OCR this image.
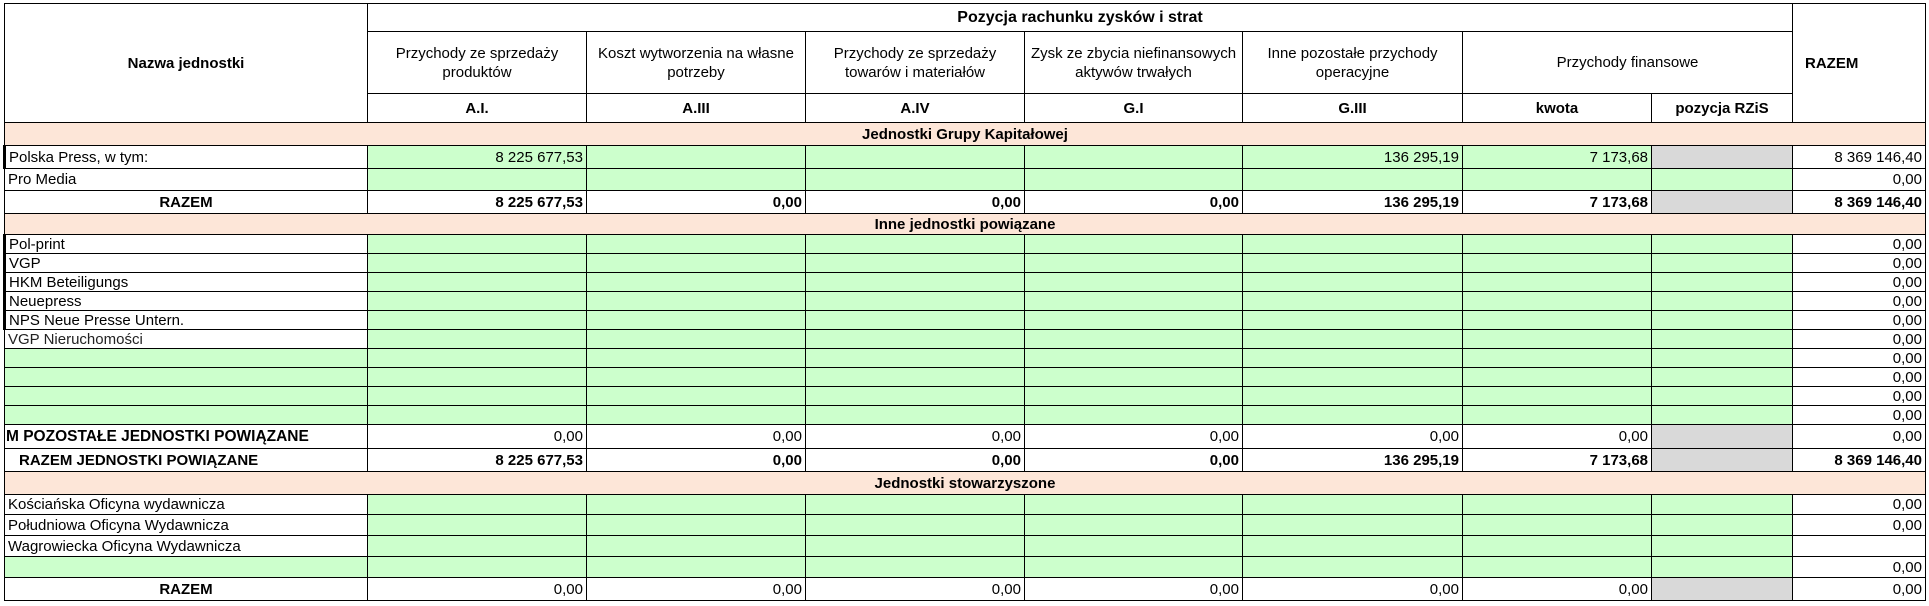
Nazwa jednostki	Pozycja rachunku zysków i strat							RAZEM
	Przychody ze sprzedaży produktów	Koszt wytworzenia na własne potrzeby	Przychody ze sprzedaży towarów i materiałów	Zysk ze zbycia niefinansowych aktywów trwałych	Inne pozostałe przychody operacyjne	Przychody finansowe		
	A.I.	A.III	A.IV	G.I	G.III	kwota	pozycja RZiS	
Jednostki Grupy Kapitałowej								
Polska Press, w tym:	8 225 677,53				136 295,19	7 173,68		8 369 146,40
Pro Media								0,00
RAZEM	8 225 677,53	0,00	0,00	0,00	136 295,19	7 173,68		8 369 146,40
Inne jednostki powiązane								
Pol-print								0,00
VGP								0,00
HKM Beteiligungs								0,00
Neuepress								0,00
NPS Neue Presse Untern.								0,00
VGP Nieruchomości								0,00
								0,00
								0,00
								0,00
								0,00
M POZOSTAŁE JEDNOSTKI POWIĄZANE	0,00	0,00	0,00	0,00	0,00	0,00		0,00
RAZEM JEDNOSTKI POWIĄZANE	8 225 677,53	0,00	0,00	0,00	136 295,19	7 173,68		8 369 146,40
Jednostki stowarzyszone								
Kościańska Oficyna wydawnicza								0,00
Południowa Oficyna Wydawnicza								0,00
Wagrowiecka Oficyna Wydawnicza								
								0,00
RAZEM	0,00	0,00	0,00	0,00	0,00	0,00		0,00
